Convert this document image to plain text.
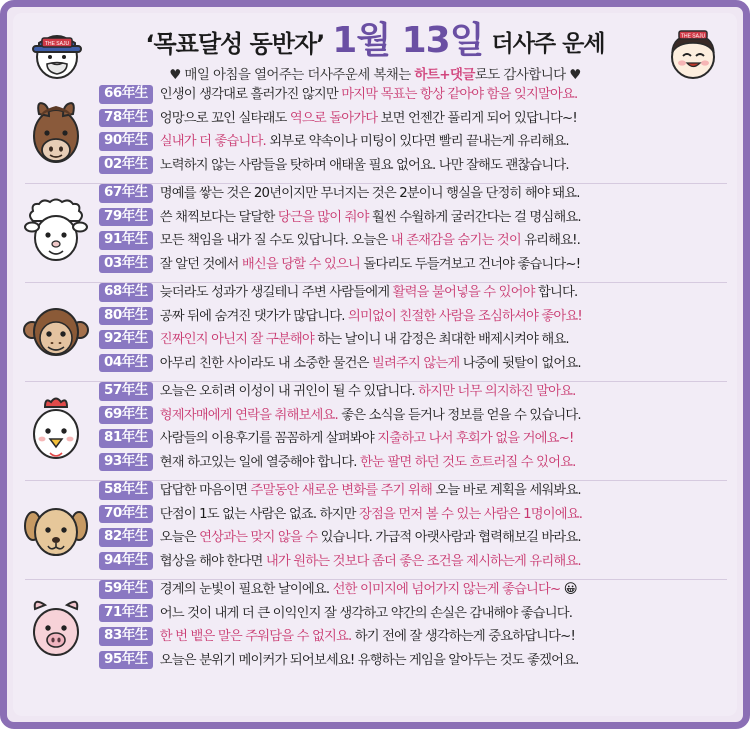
THE SAJU	‘목표달성 동반자’ 1월 13일 더사주 운세
♥ 매일 아침을 열어주는 더사주운세 복채는 하트+댓글로도 감사합니다 ♥
THE SAJU
66年生 인생이 생각대로 흘러가진 않지만 마지막 목표는 항상 같아야 함을 잊지말아요.
78年生 엉망으로 꼬인 실타래도 역으로 돌아가다 보면 언젠간 풀리게 되어 있답니다~!
90年生 실내가 더 좋습니다. 외부로 약속이나 미팅이 있다면 빨리 끝내는게 유리해요.
02年生 노력하지 않는 사람들을 탓하며 애태울 필요 없어요. 나만 잘해도 괜찮습니다.
67年生 명예를 쌓는 것은 20년이지만 무너지는 것은 2분이니 행실을 단정히 해야 돼요.
79年生 쓴 채찍보다는 달달한 당근을 많이 줘야 훨씬 수월하게 굴러간다는 걸 명심해요.
91年生 모든 책임을 내가 질 수도 있답니다. 오늘은 내 존재감을 숨기는 것이 유리해요!.
03年生 잘 알던 것에서 배신을 당할 수 있으니 돌다리도 두들겨보고 건너야 좋습니다~!
68年生 늦더라도 성과가 생길테니 주변 사람들에게 활력을 불어넣을 수 있어야 합니다.
80年生 공짜 뒤에 숨겨진 댓가가 많답니다. 의미없이 친절한 사람을 조심하셔야 좋아요!
92年生 진짜인지 아닌지 잘 구분해야 하는 날이니 내 감정은 최대한 배제시켜야 해요.
04年生 아무리 친한 사이라도 내 소중한 물건은 빌려주지 않는게 나중에 뒷탈이 없어요.
57年生 오늘은 오히려 이성이 내 귀인이 될 수 있답니다. 하지만 너무 의지하진 말아요.
69年生 형제자매에게 연락을 취해보세요. 좋은 소식을 듣거나 정보를 얻을 수 있습니다.
81年生 사람들의 이용후기를 꼼꼼하게 살펴봐야 지출하고 나서 후회가 없을 거에요~!
93年生 현재 하고있는 일에 열중해야 합니다. 한눈 팔면 하던 것도 흐트러질 수 있어요.
58年生 답답한 마음이면 주말동안 새로운 변화를 주기 위해 오늘 바로 계획을 세워봐요.
70年生 단점이 1도 없는 사람은 없죠. 하지만 장점을 먼저 볼 수 있는 사람은 1명이에요.
82年生 오늘은 연상과는 맞지 않을 수 있습니다. 가급적 아랫사람과 협력해보길 바라요.
94年生 협상을 해야 한다면 내가 원하는 것보다 좀더 좋은 조건을 제시하는게 유리해요.
59年生 경계의 눈빛이 필요한 날이에요. 선한 이미지에 넘어가지 않는게 좋습니다~ 😀
71年生 어느 것이 내게 더 큰 이익인지 잘 생각하고 약간의 손실은 감내해야 좋습니다.
83年生 한 번 뱉은 말은 주워담을 수 없지요. 하기 전에 잘 생각하는게 중요하답니다~!
95年生 오늘은 분위기 메이커가 되어보세요! 유행하는 게임을 알아두는 것도 좋겠어요.
